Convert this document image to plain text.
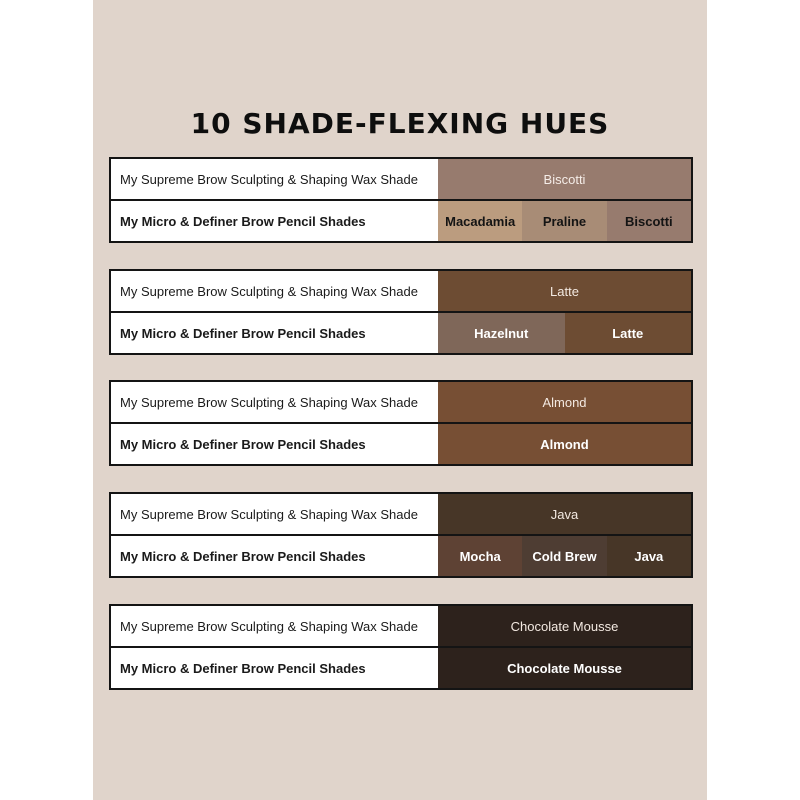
10 SHADE-FLEXING HUES
My Supreme Brow Sculpting & Shaping Wax Shade	Biscotti
My Micro & Definer Brow Pencil Shades	Macadamia	Praline	Biscotti
My Supreme Brow Sculpting & Shaping Wax Shade	Latte
My Micro & Definer Brow Pencil Shades	Hazelnut	Latte
My Supreme Brow Sculpting & Shaping Wax Shade	Almond
My Micro & Definer Brow Pencil Shades	Almond
My Supreme Brow Sculpting & Shaping Wax Shade	Java
My Micro & Definer Brow Pencil Shades	Mocha	Cold Brew	Java
My Supreme Brow Sculpting & Shaping Wax Shade	Chocolate Mousse
My Micro & Definer Brow Pencil Shades	Chocolate Mousse
